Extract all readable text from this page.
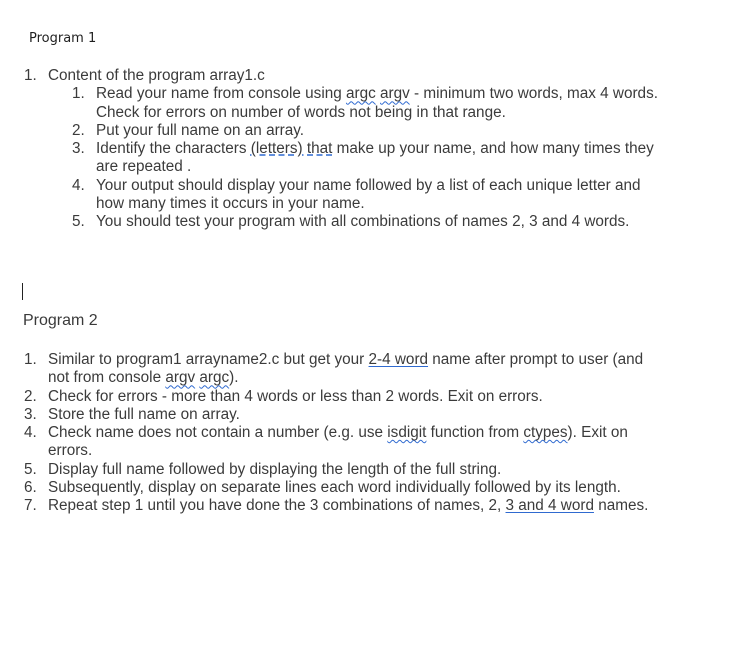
Program 1
1. Content of the program array1.c
1. Read your name from console using argc argv - minimum two words, max 4 words. Check for errors on number of words not being in that range.
2. Put your full name on an array.
3. Identify the characters (letters) that make up your name, and how many times they are repeated .
4. Your output should display your name followed by a list of each unique letter and how many times it occurs in your name.
5. You should test your program with all combinations of names 2, 3 and 4 words.
Program 2
1. Similar to program1 arrayname2.c but get your 2-4 word name after prompt to user (and not from console argv argc).
2. Check for errors - more than 4 words or less than 2 words. Exit on errors.
3. Store the full name on array.
4. Check name does not contain a number (e.g. use isdigit function from ctypes). Exit on errors.
5. Display full name followed by displaying the length of the full string.
6. Subsequently, display on separate lines each word individually followed by its length.
7. Repeat step 1 until you have done the 3 combinations of names, 2, 3 and 4 word names.
